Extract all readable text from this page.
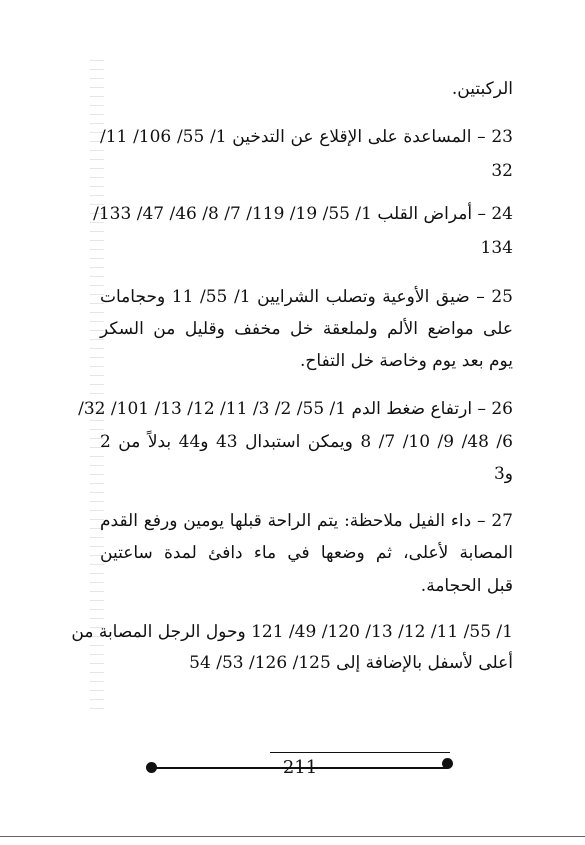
الركبتين.
23 – المساعدة على الإقلاع عن التدخين 1/ 55/ 106/ 11/
32
24 – أمراض القلب 1/ 55/ 19/ 119/ 7/ 8/ 46/ 47/ 133/
134
25 – ضيق الأوعية وتصلب الشرايين 1/ 55/ 11 وحجامات
على مواضع الألم ولملعقة خل مخفف وقليل من السكر
يوم بعد يوم وخاصة خل التفاح.
26 – ارتفاع ضغط الدم 1/ 55/ 2/ 3/ 11/ 12/ 13/ 101/ 32/
6/ 48/ 9/ 10/ 7/ 8 ويمكن استبدال 43 و44 بدلاً من 2
و3
27 – داء الفيل ملاحظة: يتم الراحة قبلها يومين ورفع القدم
المصابة لأعلى، ثم وضعها في ماء دافئ لمدة ساعتين
قبل الحجامة.
1/ 55/ 11/ 12/ 13/ 120/ 49/ 121 وحول الرجل المصابة من
أعلى لأسفل بالإضافة إلى 125/ 126/ 53/ 54
211
